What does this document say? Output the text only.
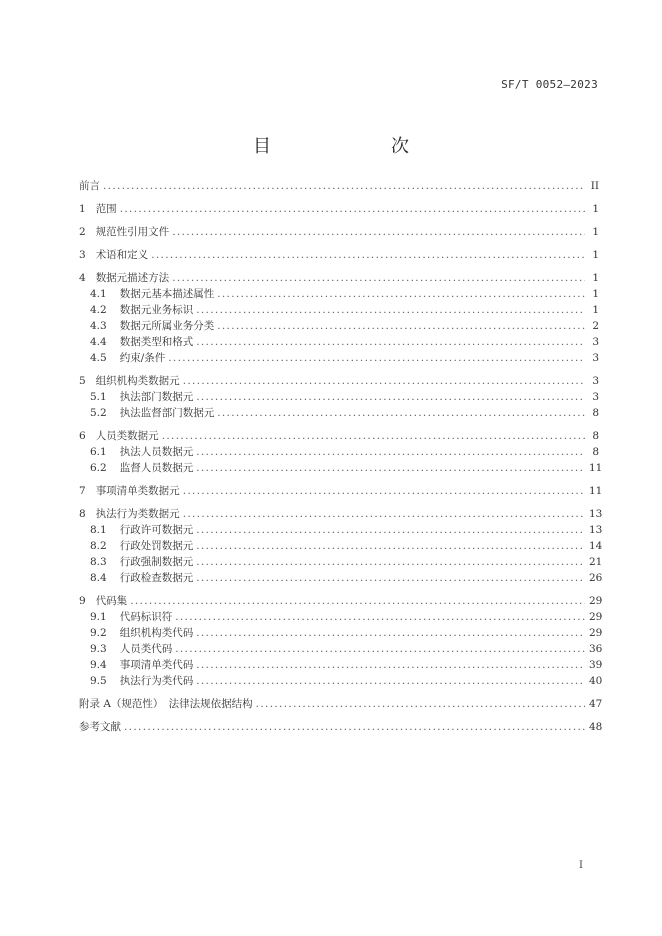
SF/T 0052—2023
目　　次
前言 . . .	II
1 范围 . . .	1
2 规范性引用文件 . . .	1
3 术语和定义 . . .	1
4 数据元描述方法 . . .	1
4.1 数据元基本描述属性 . . .	1
4.2 数据元业务标识 . . .	1
4.3 数据元所属业务分类 . . .	2
4.4 数据类型和格式 . . .	3
4.5 约束/条件 . . .	3
5 组织机构类数据元 . . .	3
5.1 执法部门数据元 . . .	3
5.2 执法监督部门数据元 . . .	8
6 人员类数据元 . . .	8
6.1 执法人员数据元 . . .	8
6.2 监督人员数据元 . . .	11
7 事项清单类数据元 . . .	11
8 执法行为类数据元 . . .	13
8.1 行政许可数据元 . . .	13
8.2 行政处罚数据元 . . .	14
8.3 行政强制数据元 . . .	21
8.4 行政检查数据元 . . .	26
9 代码集 . . .	29
9.1 代码标识符 . . .	29
9.2 组织机构类代码 . . .	29
9.3 人员类代码 . . .	36
9.4 事项清单类代码 . . .	39
9.5 执法行为类代码 . . .	40
附录 A（规范性）　法律法规依据结构 . . .	47
参考文献 . . .	48
I
